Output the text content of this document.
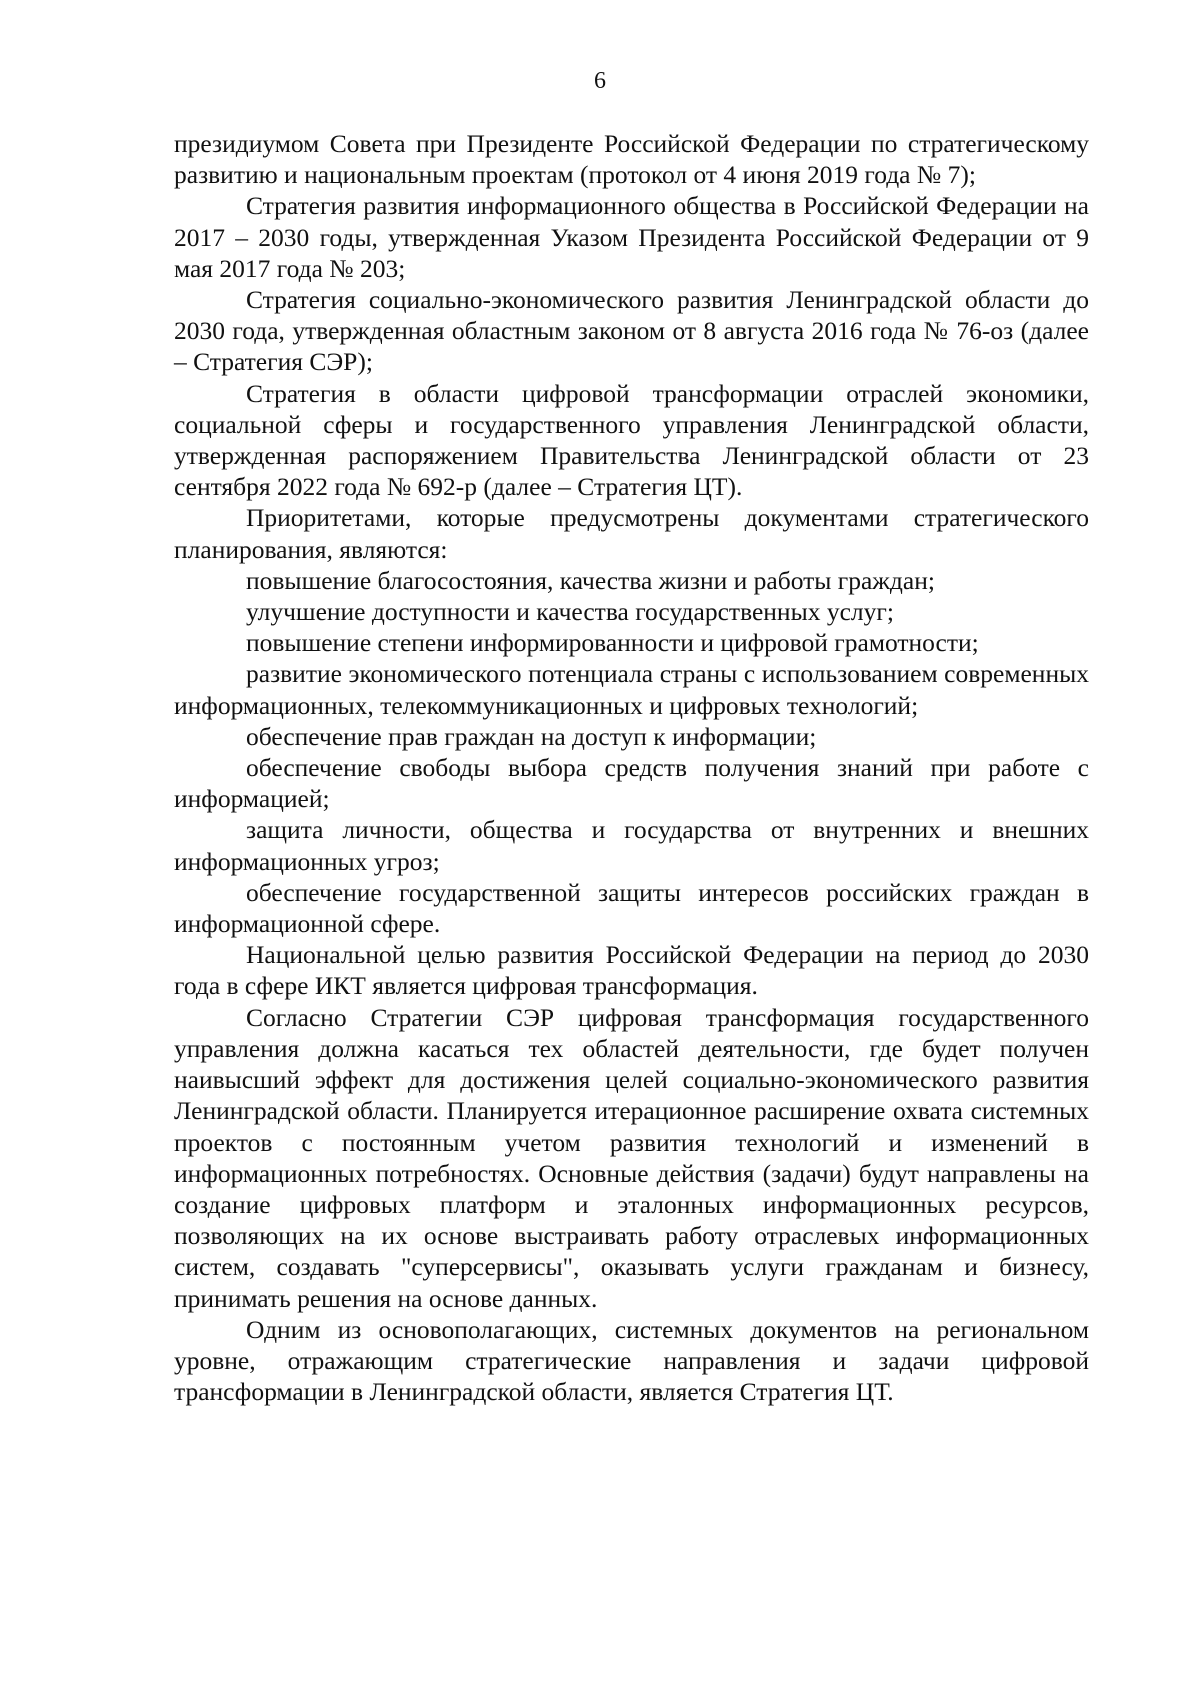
6

президиумом Совета при Президенте Российской Федерации по стратегическому развитию и национальным проектам (протокол от 4 июня 2019 года № 7);

Стратегия развития информационного общества в Российской Федерации на 2017 – 2030 годы, утвержденная Указом Президента Российской Федерации от 9 мая 2017 года № 203;

Стратегия социально-экономического развития Ленинградской области до 2030 года, утвержденная областным законом от 8 августа 2016 года № 76-оз (далее – Стратегия СЭР);

Стратегия в области цифровой трансформации отраслей экономики, социальной сферы и государственного управления Ленинградской области, утвержденная распоряжением Правительства Ленинградской области от 23 сентября 2022 года № 692-р (далее – Стратегия ЦТ).

Приоритетами, которые предусмотрены документами стратегического планирования, являются:

повышение благосостояния, качества жизни и работы граждан;

улучшение доступности и качества государственных услуг;

повышение степени информированности и цифровой грамотности;

развитие экономического потенциала страны с использованием современных информационных, телекоммуникационных и цифровых технологий;

обеспечение прав граждан на доступ к информации;

обеспечение свободы выбора средств получения знаний при работе с информацией;

защита личности, общества и государства от внутренних и внешних информационных угроз;

обеспечение государственной защиты интересов российских граждан в информационной сфере.

Национальной целью развития Российской Федерации на период до 2030 года в сфере ИКТ является цифровая трансформация.

Согласно Стратегии СЭР цифровая трансформация государственного управления должна касаться тех областей деятельности, где будет получен наивысший эффект для достижения целей социально-экономического развития Ленинградской области. Планируется итерационное расширение охвата системных проектов с постоянным учетом развития технологий и изменений в информационных потребностях. Основные действия (задачи) будут направлены на создание цифровых платформ и эталонных информационных ресурсов, позволяющих на их основе выстраивать работу отраслевых информационных систем, создавать "суперсервисы", оказывать услуги гражданам и бизнесу, принимать решения на основе данных.

Одним из основополагающих, системных документов на региональном уровне, отражающим стратегические направления и задачи цифровой трансформации в Ленинградской области, является Стратегия ЦТ.
